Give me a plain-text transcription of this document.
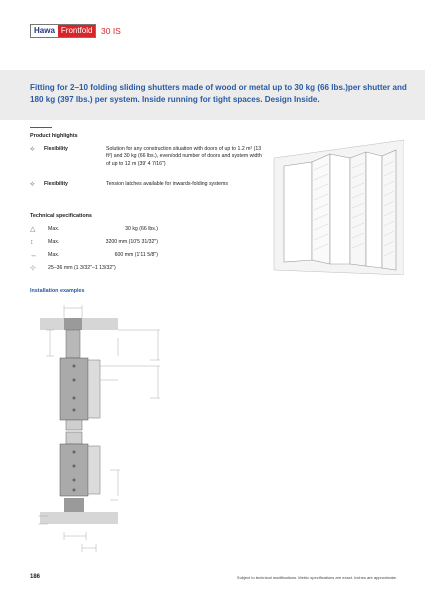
Hawa Frontfold	30 IS
Fitting for 2–10 folding sliding shutters made of wood or metal up to 30 kg (66 lbs.)per shutter and 180 kg (397 lbs.) per system. Inside running for tight spaces. Design Inside.
Product highlights
⟡	Flexibility	Solution for any construction situation with doors of up to 1.2 m² (13 ft²) and 30 kg (66 lbs.), even/odd number of doors and system width of up to 12 m (39' 4 7/16")
⟡	Flexibility	Tension latches available for inwards-folding systems
Technical specifications
△	Max.	30 kg (66 lbs.)
↕	Max.	3200 mm (10'5 31/32")
↔	Max.	600 mm (1'11 5/8")
⊹	25–36 mm (1 3/32"–1 13/32")
Installation examples
186	Subject to technical modifications. Metric specifications are exact. Inches are approximate.
